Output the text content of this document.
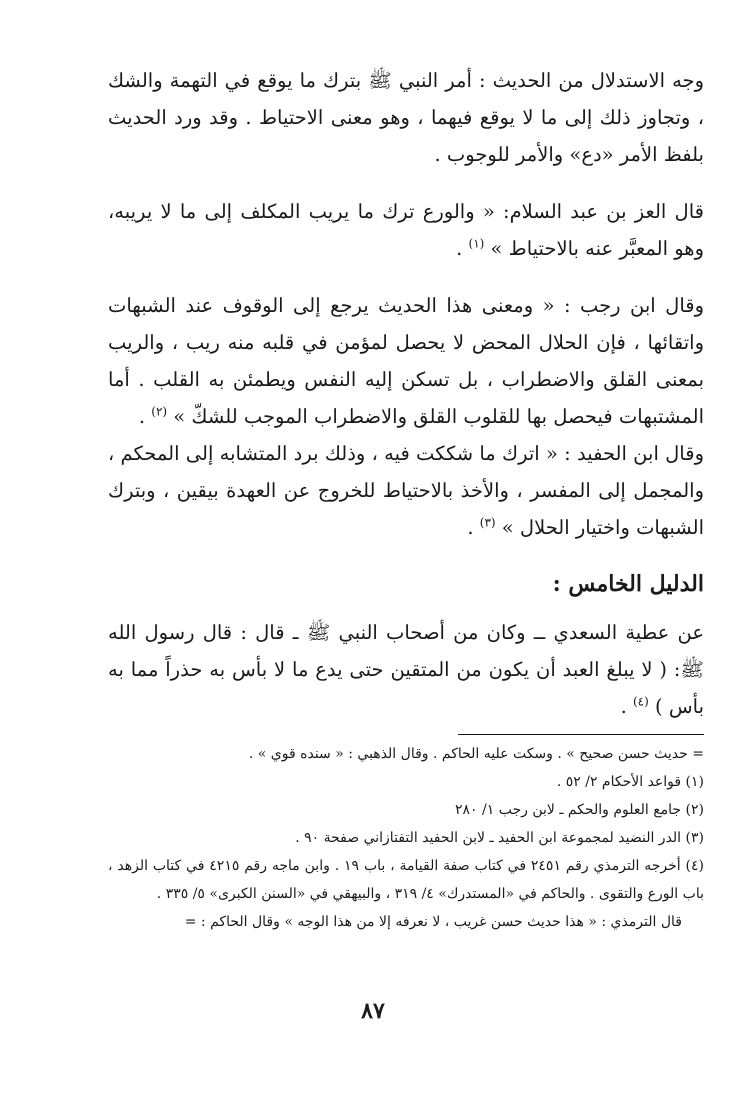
وجه الاستدلال من الحديث : أمر النبي ﷺ بترك ما يوقع في التهمة والشك ، وتجاوز ذلك إلى ما لا يوقع فيهما ، وهو معنى الاحتياط . وقد ورد الحديث بلفظ الأمر «دع» والأمر للوجوب .

قال العز بن عبد السلام: « والورع ترك ما يريب المكلف إلى ما لا يريبه، وهو المعبَّر عنه بالاحتياط » $^{(١)}$ .

وقال ابن رجب : « ومعنى هذا الحديث يرجع إلى الوقوف عند الشبهات واتقائها ، فإن الحلال المحض لا يحصل لمؤمن في قلبه منه ريب ، والريب بمعنى القلق والاضطراب ، بل تسكن إليه النفس ويطمئن به القلب . أما المشتبهات فيحصل بها للقلوب القلق والاضطراب الموجب للشكّ » $^{(٢)}$ .

وقال ابن الحفيد : « اترك ما شككت فيه ، وذلك برد المتشابه إلى المحكم ، والمجمل إلى المفسر ، والأخذ بالاحتياط للخروج عن العهدة بيقين ، وبترك الشبهات واختيار الحلال » $^{(٣)}$ .

الدليل الخامس :

عن عطية السعدي ــ وكان من أصحاب النبي ﷺ ـ قال : قال رسول الله ﷺ: ( لا يبلغ العبد أن يكون من المتقين حتى يدع ما لا بأس به حذراً مما به بأس ) $^{(٤)}$ .

= حديث حسن صحيح » . وسكت عليه الحاكم . وقال الذهبي : « سنده قوي » .

(١) قواعد الأحكام ٢/ ٥٢ .

(٢) جامع العلوم والحكم ـ لابن رجب ١/ ٢٨٠

(٣) الدر النضيد لمجموعة ابن الحفيد ـ لابن الحفيد التفتازاني صفحة ٩٠ .

(٤) أخرجه الترمذي رقم ٢٤٥١ في كتاب صفة القيامة ، باب ١٩ . وابن ماجه رقم ٤٢١٥ في كتاب الزهد ، باب الورع والتقوى . والحاكم في «المستدرك» ٤/ ٣١٩ ، والبيهقي في «السنن الكبرى» ٥/ ٣٣٥ .

قال الترمذي : « هذا حديث حسن غريب ، لا نعرفه إلا من هذا الوجه » وقال الحاكم : =

٨٧
